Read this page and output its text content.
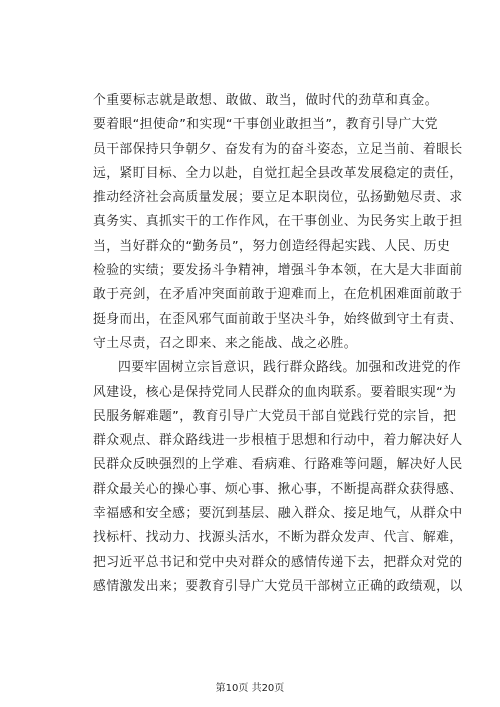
个重要标志就是敢想、敢做、敢当，做时代的劲草和真金。
要着眼“担使命”和实现“干事创业敢担当”，教育引导广大党
员干部保持只争朝夕、奋发有为的奋斗姿态，立足当前、着眼长
远，紧盯目标、全力以赴，自觉扛起全县改革发展稳定的责任，
推动经济社会高质量发展；要立足本职岗位，弘扬勤勉尽责、求
真务实、真抓实干的工作作风，在干事创业、为民务实上敢于担
当，当好群众的“勤务员”，努力创造经得起实践、人民、历史
检验的实绩；要发扬斗争精神，增强斗争本领，在大是大非面前
敢于亮剑，在矛盾冲突面前敢于迎难而上，在危机困难面前敢于
挺身而出，在歪风邪气面前敢于坚决斗争，始终做到守土有责、
守土尽责，召之即来、来之能战、战之必胜。
四要牢固树立宗旨意识，践行群众路线。加强和改进党的作
风建设，核心是保持党同人民群众的血肉联系。要着眼实现“为
民服务解难题”，教育引导广大党员干部自觉践行党的宗旨，把
群众观点、群众路线进一步根植于思想和行动中，着力解决好人
民群众反映强烈的上学难、看病难、行路难等问题，解决好人民
群众最关心的操心事、烦心事、揪心事，不断提高群众获得感、
幸福感和安全感；要沉到基层、融入群众、接足地气，从群众中
找标杆、找动力、找源头活水，不断为群众发声、代言、解难，
把习近平总书记和党中央对群众的感情传递下去，把群众对党的
感情激发出来；要教育引导广大党员干部树立正确的政绩观，以
第10页 共20页
